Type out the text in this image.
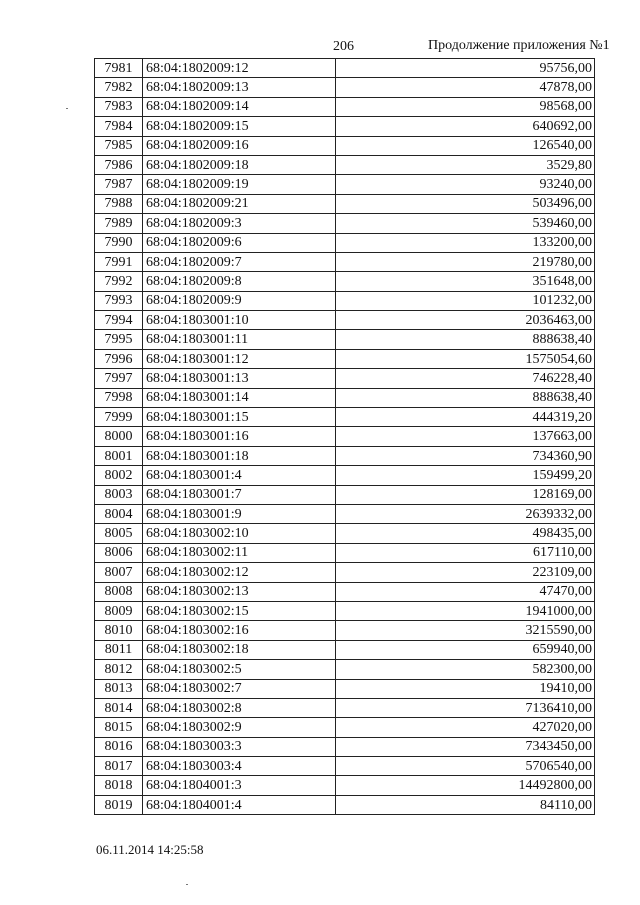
206	Продолжение приложения №1
7981	68:04:1802009:12	95756,00
7982	68:04:1802009:13	47878,00
7983	68:04:1802009:14	98568,00
7984	68:04:1802009:15	640692,00
7985	68:04:1802009:16	126540,00
7986	68:04:1802009:18	3529,80
7987	68:04:1802009:19	93240,00
7988	68:04:1802009:21	503496,00
7989	68:04:1802009:3	539460,00
7990	68:04:1802009:6	133200,00
7991	68:04:1802009:7	219780,00
7992	68:04:1802009:8	351648,00
7993	68:04:1802009:9	101232,00
7994	68:04:1803001:10	2036463,00
7995	68:04:1803001:11	888638,40
7996	68:04:1803001:12	1575054,60
7997	68:04:1803001:13	746228,40
7998	68:04:1803001:14	888638,40
7999	68:04:1803001:15	444319,20
8000	68:04:1803001:16	137663,00
8001	68:04:1803001:18	734360,90
8002	68:04:1803001:4	159499,20
8003	68:04:1803001:7	128169,00
8004	68:04:1803001:9	2639332,00
8005	68:04:1803002:10	498435,00
8006	68:04:1803002:11	617110,00
8007	68:04:1803002:12	223109,00
8008	68:04:1803002:13	47470,00
8009	68:04:1803002:15	1941000,00
8010	68:04:1803002:16	3215590,00
8011	68:04:1803002:18	659940,00
8012	68:04:1803002:5	582300,00
8013	68:04:1803002:7	19410,00
8014	68:04:1803002:8	7136410,00
8015	68:04:1803002:9	427020,00
8016	68:04:1803003:3	7343450,00
8017	68:04:1803003:4	5706540,00
8018	68:04:1804001:3	14492800,00
8019	68:04:1804001:4	84110,00
06.11.2014 14:25:58
